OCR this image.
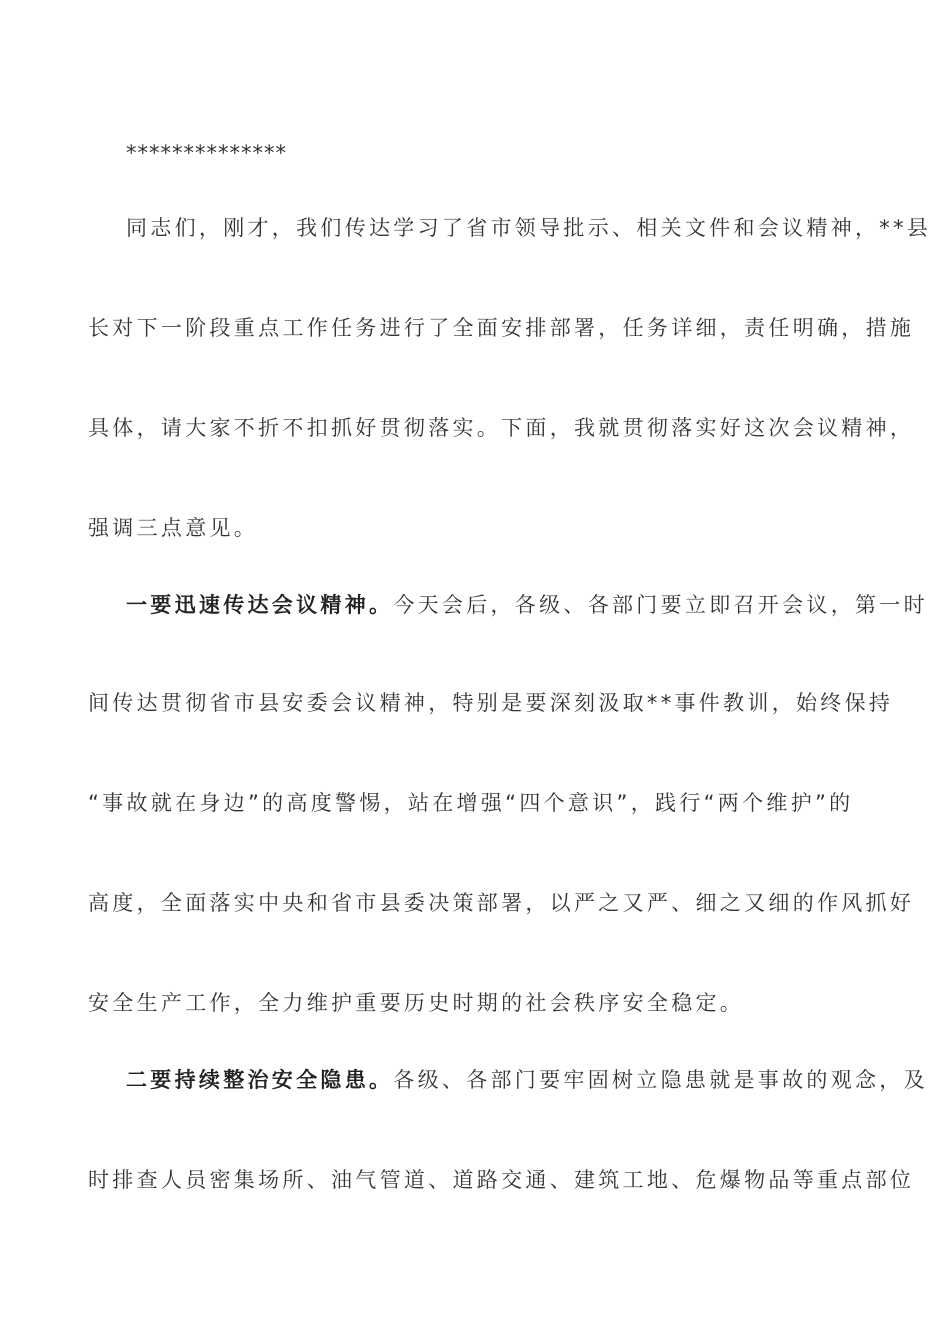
**************
同志们，刚才，我们传达学习了省市领导批示、相关文件和会议精神，**县
长对下一阶段重点工作任务进行了全面安排部署，任务详细，责任明确，措施
具体，请大家不折不扣抓好贯彻落实。下面，我就贯彻落实好这次会议精神，
强调三点意见。
一要迅速传达会议精神。今天会后，各级、各部门要立即召开会议，第一时
间传达贯彻省市县安委会议精神，特别是要深刻汲取**事件教训，始终保持
“事故就在身边”的高度警惕，站在增强“四个意识”，践行“两个维护”的
高度，全面落实中央和省市县委决策部署，以严之又严、细之又细的作风抓好
安全生产工作，全力维护重要历史时期的社会秩序安全稳定。
二要持续整治安全隐患。各级、各部门要牢固树立隐患就是事故的观念，及
时排查人员密集场所、油气管道、道路交通、建筑工地、危爆物品等重点部位
